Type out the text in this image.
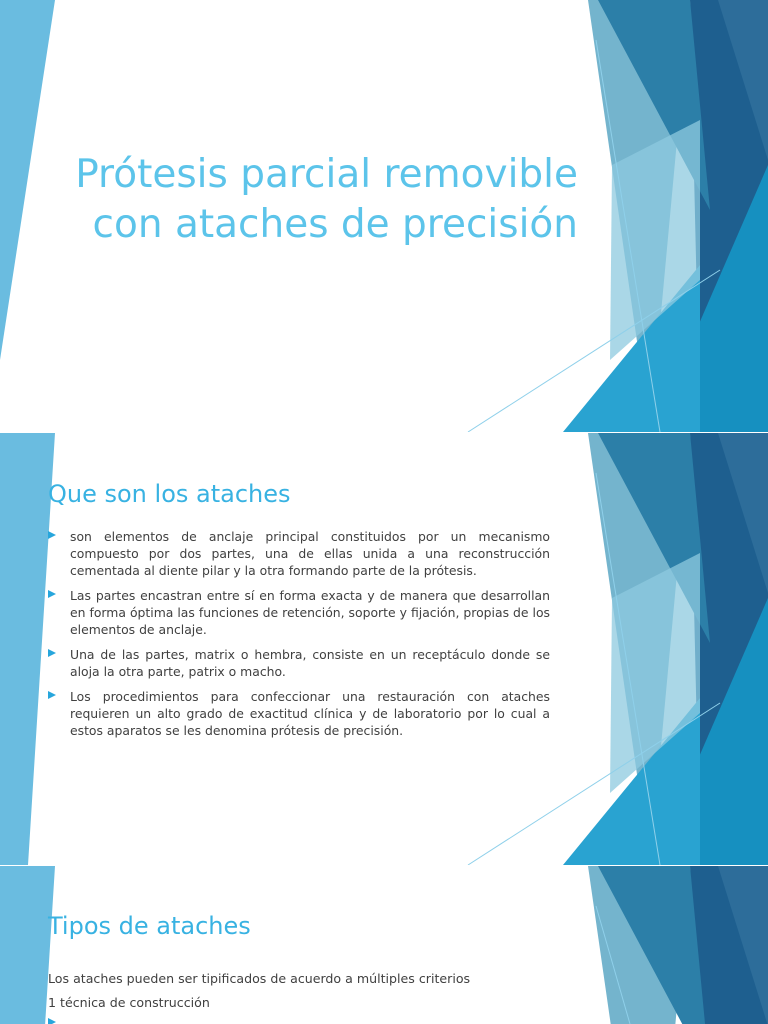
Prótesis parcial removible
con ataches de precisión
Que son los ataches
son elementos de anclaje principal constituidos por un mecanismo compuesto por dos partes, una de ellas unida a una reconstrucción cementada al diente pilar y la otra formando parte de la prótesis.
Las partes encastran entre sí en forma exacta y de manera que desarrollan en forma óptima las funciones de retención, soporte y fijación, propias de los elementos de anclaje.
Una de las partes, matrix o hembra, consiste en un receptáculo donde se aloja la otra parte, patrix o macho.
Los procedimientos para confeccionar una restauración con ataches requieren un alto grado de exactitud clínica y de laboratorio por lo cual a estos aparatos se les denomina prótesis de precisión.
Tipos de ataches
Los ataches pueden ser tipificados de acuerdo a múltiples criterios
1 técnica de construcción
